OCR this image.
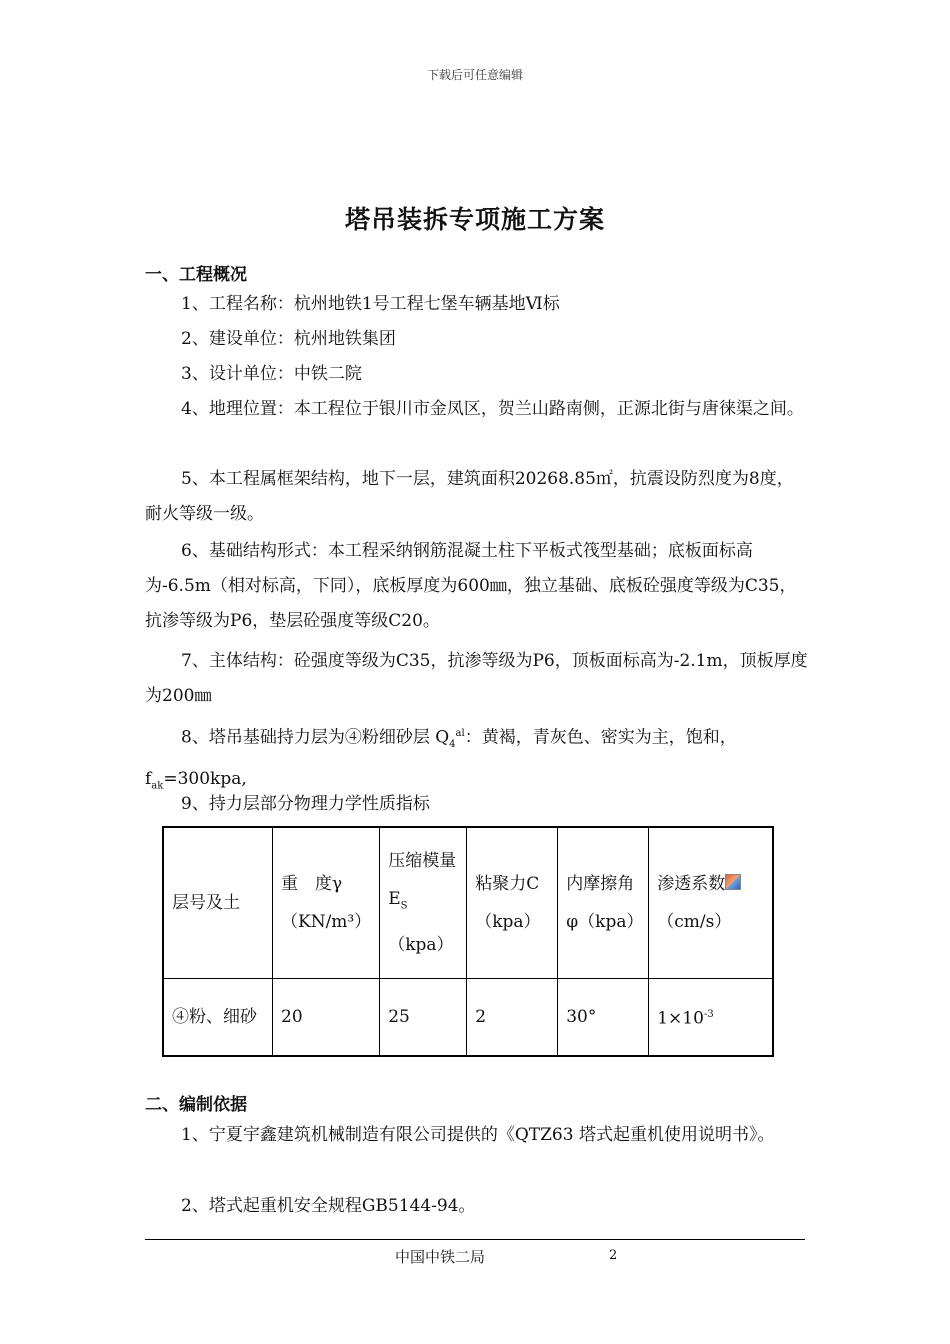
下载后可任意编辑
塔吊装拆专项施工方案
一、工程概况
1、工程名称：杭州地铁1号工程七堡车辆基地Ⅵ标
2、建设单位：杭州地铁集团
3、设计单位：中铁二院
4、地理位置：本工程位于银川市金凤区，贺兰山路南侧，正源北街与唐徕渠之间。
5、本工程属框架结构，地下一层，建筑面积20268.85㎡，抗震设防烈度为8度，耐火等级一级。
6、基础结构形式：本工程采纳钢筋混凝土柱下平板式筏型基础；底板面标高为-6.5m（相对标高，下同），底板厚度为600㎜，独立基础、底板砼强度等级为C35，抗渗等级为P6，垫层砼强度等级C20。
7、主体结构：砼强度等级为C35，抗渗等级为P6，顶板面标高为-2.1m，顶板厚度为200㎜
8、塔吊基础持力层为④粉细砂层 $Q_4^{al}$：黄褐，青灰色、密实为主，饱和，
$f_{ak}=300kpa$,
9、持力层部分物理力学性质指标
层号及土	重　度γ（KN/m³）	压缩模量 $E_S(kpa)$	粘聚力C（kpa）	内摩擦角φ（kpa）	渗透系数
（cm/s）
④粉、细砂	20	25	2	30°	$1\times 10^{-3}$
二、编制依据
1、宁夏宇鑫建筑机械制造有限公司提供的《QTZ63 塔式起重机使用说明书》。
2、塔式起重机安全规程GB5144-94。
中国中铁二局	2
